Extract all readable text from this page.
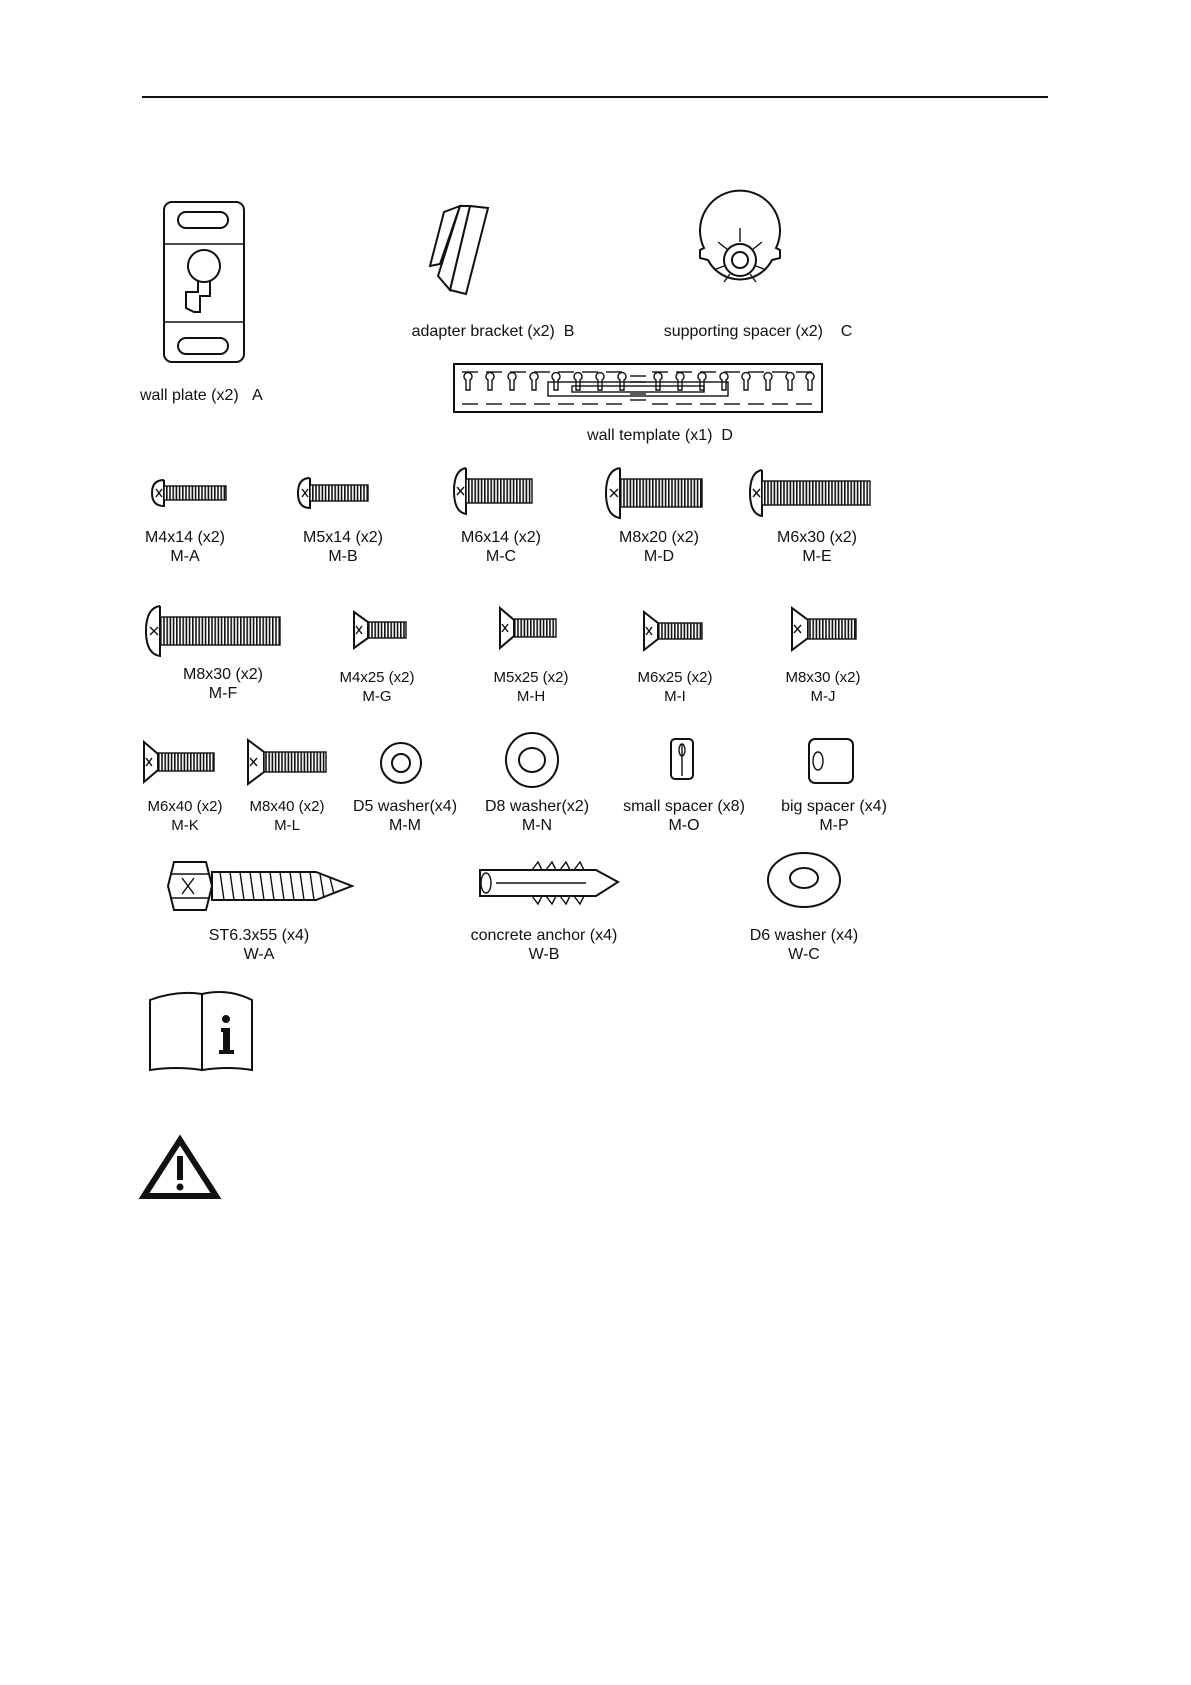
wall plate (x2) A
adapter bracket (x2) B	supporting spacer (x2) C
wall template (x1) D
M4x14 (x2)
M-A
M5x14 (x2)
M-B
M6x14 (x2)
M-C
M8x20 (x2)
M-D
M6x30 (x2)
M-E
M8x30 (x2)
M-F
M4x25 (x2)
M-G
M5x25 (x2)
M-H
M6x25 (x2)
M-I
M8x30 (x2)
M-J
M6x40 (x2)
M-K
M8x40 (x2)
M-L
D5 washer(x4)
M-M
D8 washer(x2)
M-N
small spacer (x8)
M-O
big spacer (x4)
M-P
ST6.3x55 (x4)
W-A
concrete anchor (x4)
W-B
D6 washer (x4)
W-C
